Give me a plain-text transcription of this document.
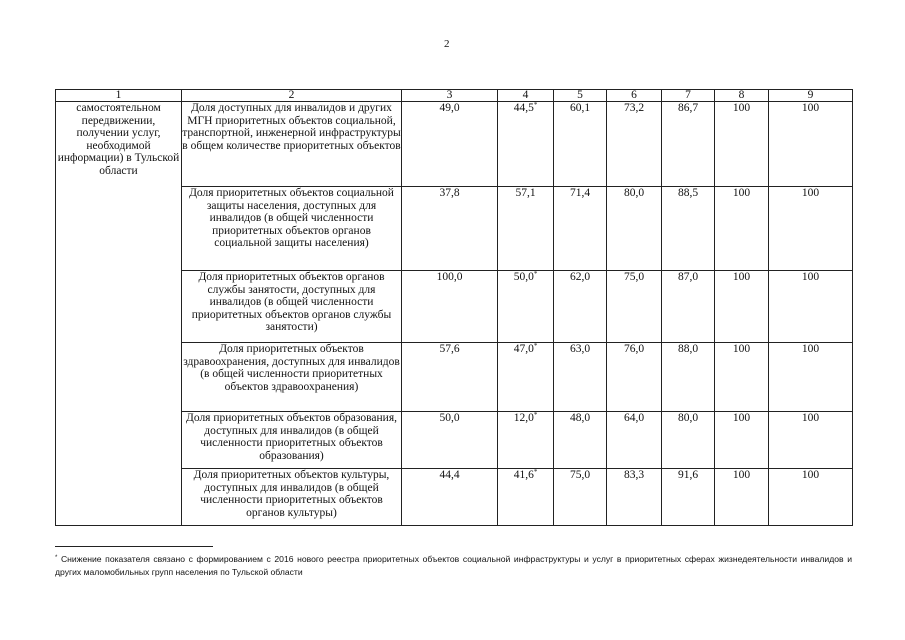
2
1	2	3	4	5	6	7	8	9
самостоятельном передвижении, получении услуг, необходимой информации) в Тульской области	Доля доступных для инвалидов и других МГН приоритетных объектов социальной, транспортной, инженерной инфраструктуры в общем количестве приоритетных объектов	49,0	44,5*	60,1	73,2	86,7	100	100
	Доля приоритетных объектов социальной защиты населения, доступных для инвалидов (в общей численности приоритетных объектов органов социальной защиты населения)	37,8	57,1	71,4	80,0	88,5	100	100
	Доля приоритетных объектов органов службы занятости, доступных для инвалидов (в общей численности приоритетных объектов органов службы занятости)	100,0	50,0*	62,0	75,0	87,0	100	100
	Доля приоритетных объектов здравоохранения, доступных для инвалидов (в общей численности приоритетных объектов здравоохранения)	57,6	47,0*	63,0	76,0	88,0	100	100
	Доля приоритетных объектов образования, доступных для инвалидов (в общей численности приоритетных объектов образования)	50,0	12,0*	48,0	64,0	80,0	100	100
	Доля приоритетных объектов культуры, доступных для инвалидов (в общей численности приоритетных объектов органов культуры)	44,4	41,6*	75,0	83,3	91,6	100	100
* Снижение показателя связано с формированием с 2016 нового реестра приоритетных объектов социальной инфраструктуры и услуг в приоритетных сферах жизнедеятельности инвалидов и других маломобильных групп населения по Тульской области
